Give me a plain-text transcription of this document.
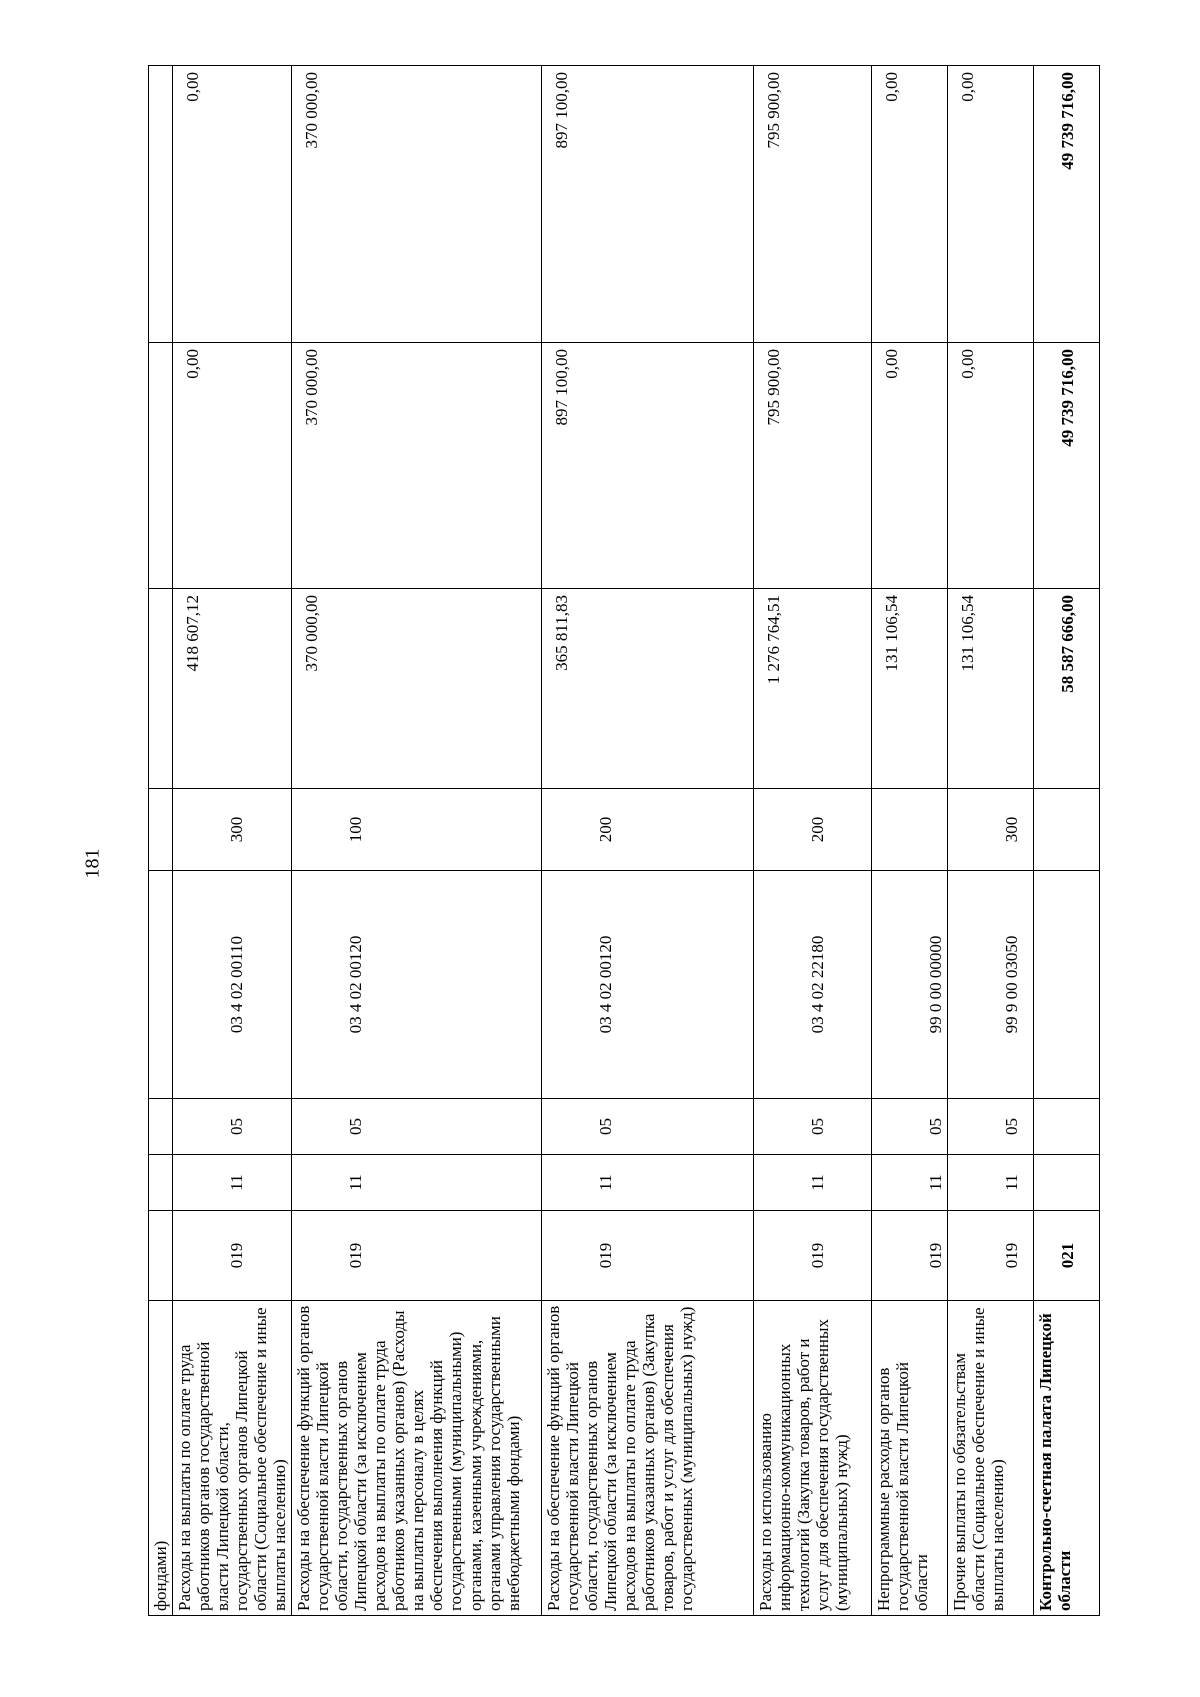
181
фондами)								
Расходы на выплаты по оплате труда работников органов государственной власти Липецкой области, государственных органов Липецкой области (Социальное обеспечение и иные выплаты населению)	019	11	05	03 4 02 00110	300	418 607,12	0,00	0,00
Расходы на обеспечение функций органов государственной власти Липецкой области, государственных органов Липецкой области (за исключением расходов на выплаты по оплате труда работников указанных органов) (Расходы на выплаты персоналу в целях обеспечения выполнения функций государственными (муниципальными) органами, казенными учреждениями, органами управления государственными внебюджетными фондами)	019	11	05	03 4 02 00120	100	370 000,00	370 000,00	370 000,00
Расходы на обеспечение функций органов государственной власти Липецкой области, государственных органов Липецкой области (за исключением расходов на выплаты по оплате труда работников указанных органов) (Закупка товаров, работ и услуг для обеспечения государственных (муниципальных) нужд)	019	11	05	03 4 02 00120	200	365 811,83	897 100,00	897 100,00
Расходы по использованию информационно-коммуникационных технологий (Закупка товаров, работ и услуг для обеспечения государственных (муниципальных) нужд)	019	11	05	03 4 02 22180	200	1 276 764,51	795 900,00	795 900,00
Непрограммные расходы органов государственной власти Липецкой области	019	11	05	99 0 00 00000		131 106,54	0,00	0,00
Прочие выплаты по обязательствам области (Социальное обеспечение и иные выплаты населению)	019	11	05	99 9 00 03050	300	131 106,54	0,00	0,00
Контрольно-счетная палата Липецкой области	021					58 587 666,00	49 739 716,00	49 739 716,00
